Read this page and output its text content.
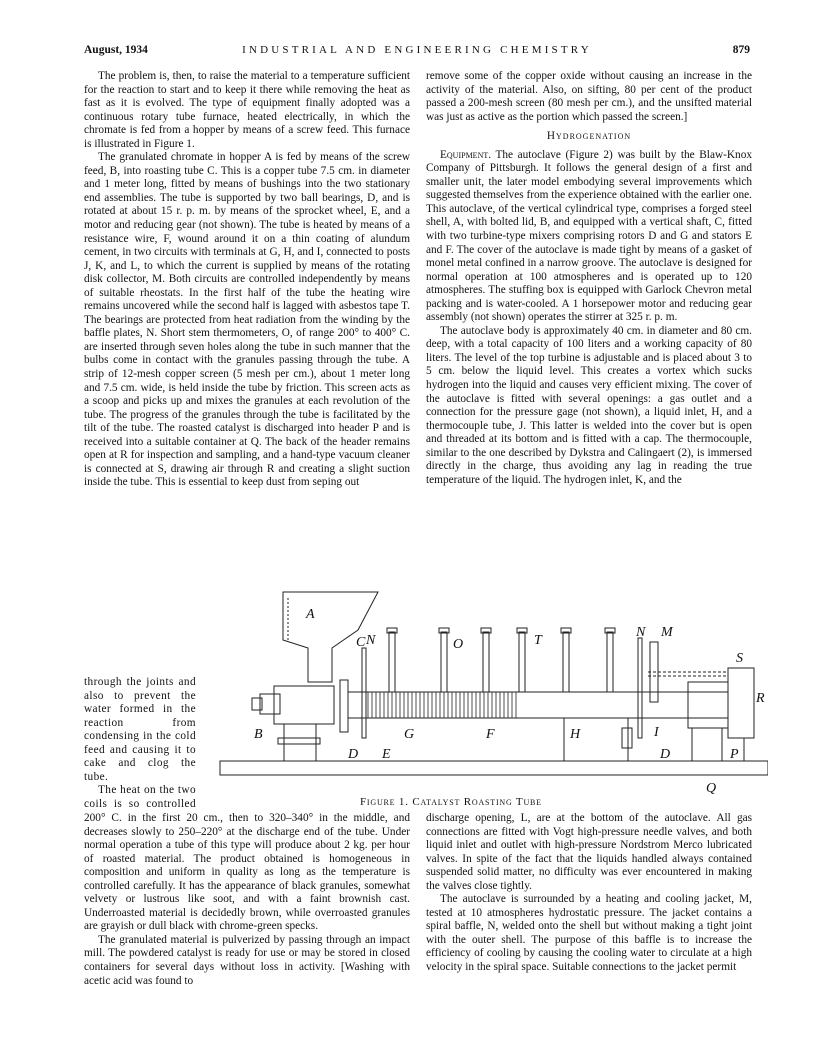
August, 1934	INDUSTRIAL AND ENGINEERING CHEMISTRY	879

The problem is, then, to raise the material to a temperature sufficient for the reaction to start and to keep it there while removing the heat as fast as it is evolved. The type of equipment finally adopted was a continuous rotary tube furnace, heated electrically, in which the chromate is fed from a hopper by means of a screw feed. This furnace is illustrated in Figure 1.

The granulated chromate in hopper A is fed by means of the screw feed, B, into roasting tube C. This is a copper tube 7.5 cm. in diameter and 1 meter long, fitted by means of bushings into the two stationary end assemblies. The tube is supported by two ball bearings, D, and is rotated at about 15 r. p. m. by means of the sprocket wheel, E, and a motor and reducing gear (not shown). The tube is heated by means of a resistance wire, F, wound around it on a thin coating of alundum cement, in two circuits with terminals at G, H, and I, connected to posts J, K, and L, to which the current is supplied by means of the rotating disk collector, M. Both circuits are controlled independently by means of suitable rheostats. In the first half of the tube the heating wire remains uncovered while the second half is lagged with asbestos tape T. The bearings are protected from heat radiation from the winding by the baffle plates, N. Short stem thermometers, O, of range 200° to 400° C. are inserted through seven holes along the tube in such manner that the bulbs come in contact with the granules passing through the tube. A strip of 12-mesh copper screen (5 mesh per cm.), about 1 meter long and 7.5 cm. wide, is held inside the tube by friction. This screen acts as a scoop and picks up and mixes the granules at each revolution of the tube. The progress of the granules through the tube is facilitated by the tilt of the tube. The roasted catalyst is discharged into header P and is received into a suitable container at Q. The back of the header remains open at R for inspection and sampling, and a hand-type vacuum cleaner is connected at S, drawing air through R and creating a slight suction inside the tube. This is essential to keep dust from seping out

through the joints and also to prevent the water formed in the reaction from condensing in the cold feed and causing it to cake and clog the tube.

The heat on the two coils is so controlled

200° C. in the first 20 cm., then to 320–340° in the middle, and decreases slowly to 250–220° at the discharge end of the tube. Under normal operation a tube of this type will produce about 2 kg. per hour of roasted material. The product obtained is homogeneous in composition and uniform in quality as long as the temperature is controlled carefully. It has the appearance of black granules, somewhat velvety or lustrous like soot, and with a faint brownish cast. Underroasted material is decidedly brown, while overroasted granules are grayish or dull black with chrome-green specks.

The granulated material is pulverized by passing through an impact mill. The powdered catalyst is ready for use or may be stored in closed containers for several days without loss in activity. [Washing with acetic acid was found to

remove some of the copper oxide without causing an increase in the activity of the material. Also, on sifting, 80 per cent of the product passed a 200-mesh screen (80 mesh per cm.), and the unsifted material was just as active as the portion which passed the screen.]

Hydrogenation

Equipment. The autoclave (Figure 2) was built by the Blaw-Knox Company of Pittsburgh. It follows the general design of a first and smaller unit, the later model embodying several improvements which suggested themselves from the experience obtained with the earlier one. This autoclave, of the vertical cylindrical type, comprises a forged steel shell, A, with bolted lid, B, and equipped with a vertical shaft, C, fitted with two turbine-type mixers comprising rotors D and G and stators E and F. The cover of the autoclave is made tight by means of a gasket of monel metal confined in a narrow groove. The autoclave is designed for normal operation at 100 atmospheres and is operated up to 120 atmospheres. The stuffing box is equipped with Garlock Chevron metal packing and is water-cooled. A 1 horsepower motor and reducing gear assembly (not shown) operates the stirrer at 325 r. p. m.

The autoclave body is approximately 40 cm. in diameter and 80 cm. deep, with a total capacity of 100 liters and a working capacity of 80 liters. The level of the top turbine is adjustable and is placed about 3 to 5 cm. below the liquid level. This creates a vortex which sucks hydrogen into the liquid and causes very efficient mixing. The cover of the autoclave is fitted with several openings: a gas outlet and a connection for the pressure gage (not shown), a liquid inlet, H, and a thermocouple tube, J. This latter is welded into the cover but is open and threaded at its bottom and is fitted with a cap. The thermocouple, similar to the one described by Dykstra and Calingaert (2), is immersed directly in the charge, thus avoiding any lag in reading the true temperature of the liquid. The hydrogen inlet, K, and the

discharge opening, L, are at the bottom of the autoclave. All gas connections are fitted with Vogt high-pressure needle valves, and both liquid inlet and outlet with high-pressure Nordstrom Merco lubricated valves. In spite of the fact that the liquids handled always contained suspended solid matter, no difficulty was ever encountered in making the valves close tightly.

The autoclave is surrounded by a heating and cooling jacket, M, tested at 10 atmospheres hydrostatic pressure. The jacket contains a spiral baffle, N, welded onto the shell but without making a tight joint with the outer shell. The purpose of this baffle is to increase the efficiency of cooling by causing the cooling water to circulate at a high velocity in the spiral space. Suitable connections to the jacket permit

A
B
C N	O	T
N M
S
R
G	F	H	I
D E	D	P
Q
Figure 1. Catalyst Roasting Tube
